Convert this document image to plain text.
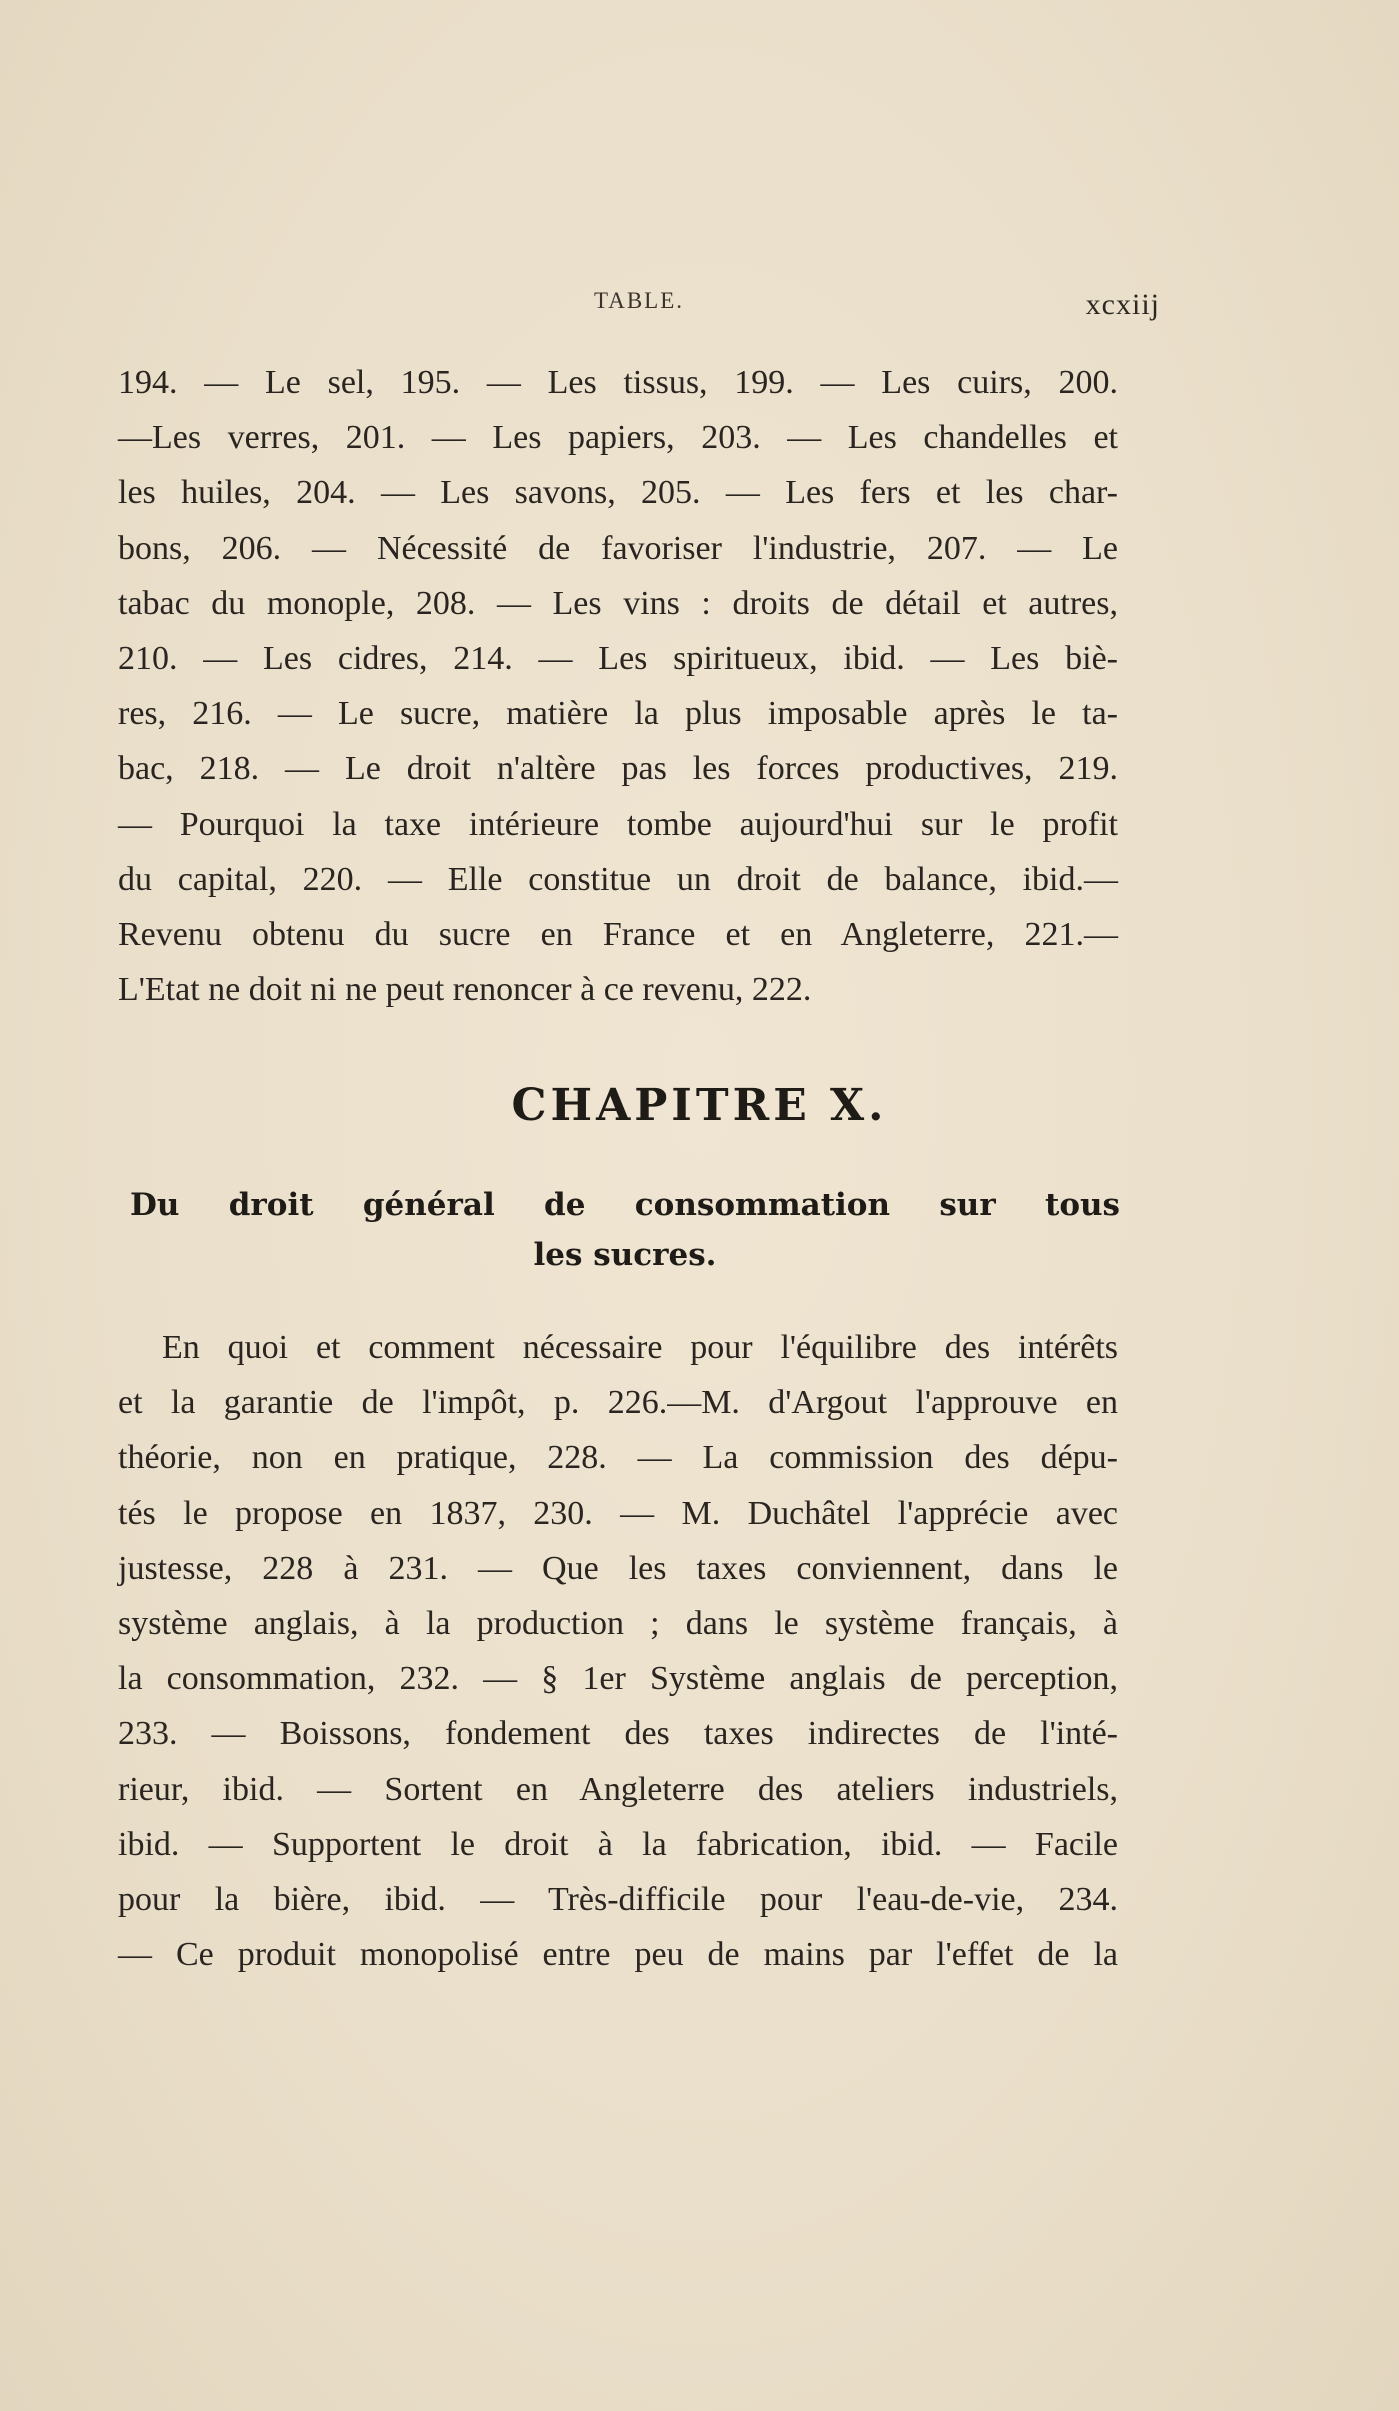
TABLE.	xcxiij
194. — Le sel, 195. — Les tissus, 199. — Les cuirs, 200.
—Les verres, 201. — Les papiers, 203. — Les chandelles et
les huiles, 204. — Les savons, 205. — Les fers et les char-
bons, 206. — Nécessité de favoriser l'industrie, 207. — Le
tabac du monople, 208. — Les vins : droits de détail et autres,
210. — Les cidres, 214. — Les spiritueux, ibid. — Les biè-
res, 216. — Le sucre, matière la plus imposable après le ta-
bac, 218. — Le droit n'altère pas les forces productives, 219.
— Pourquoi la taxe intérieure tombe aujourd'hui sur le profit
du capital, 220. — Elle constitue un droit de balance, ibid.—
Revenu obtenu du sucre en France et en Angleterre, 221.—
L'Etat ne doit ni ne peut renoncer à ce revenu, 222.
CHAPITRE X.
Du droit général de consommation sur tous
les sucres.
En quoi et comment nécessaire pour l'équilibre des intérêts
et la garantie de l'impôt, p. 226.—M. d'Argout l'approuve en
théorie, non en pratique, 228. — La commission des dépu-
tés le propose en 1837, 230. — M. Duchâtel l'apprécie avec
justesse, 228 à 231. — Que les taxes conviennent, dans le
système anglais, à la production ; dans le système français, à
la consommation, 232. — § 1er Système anglais de perception,
233. — Boissons, fondement des taxes indirectes de l'inté-
rieur, ibid. — Sortent en Angleterre des ateliers industriels,
ibid. — Supportent le droit à la fabrication, ibid. — Facile
pour la bière, ibid. — Très-difficile pour l'eau-de-vie, 234.
— Ce produit monopolisé entre peu de mains par l'effet de la
